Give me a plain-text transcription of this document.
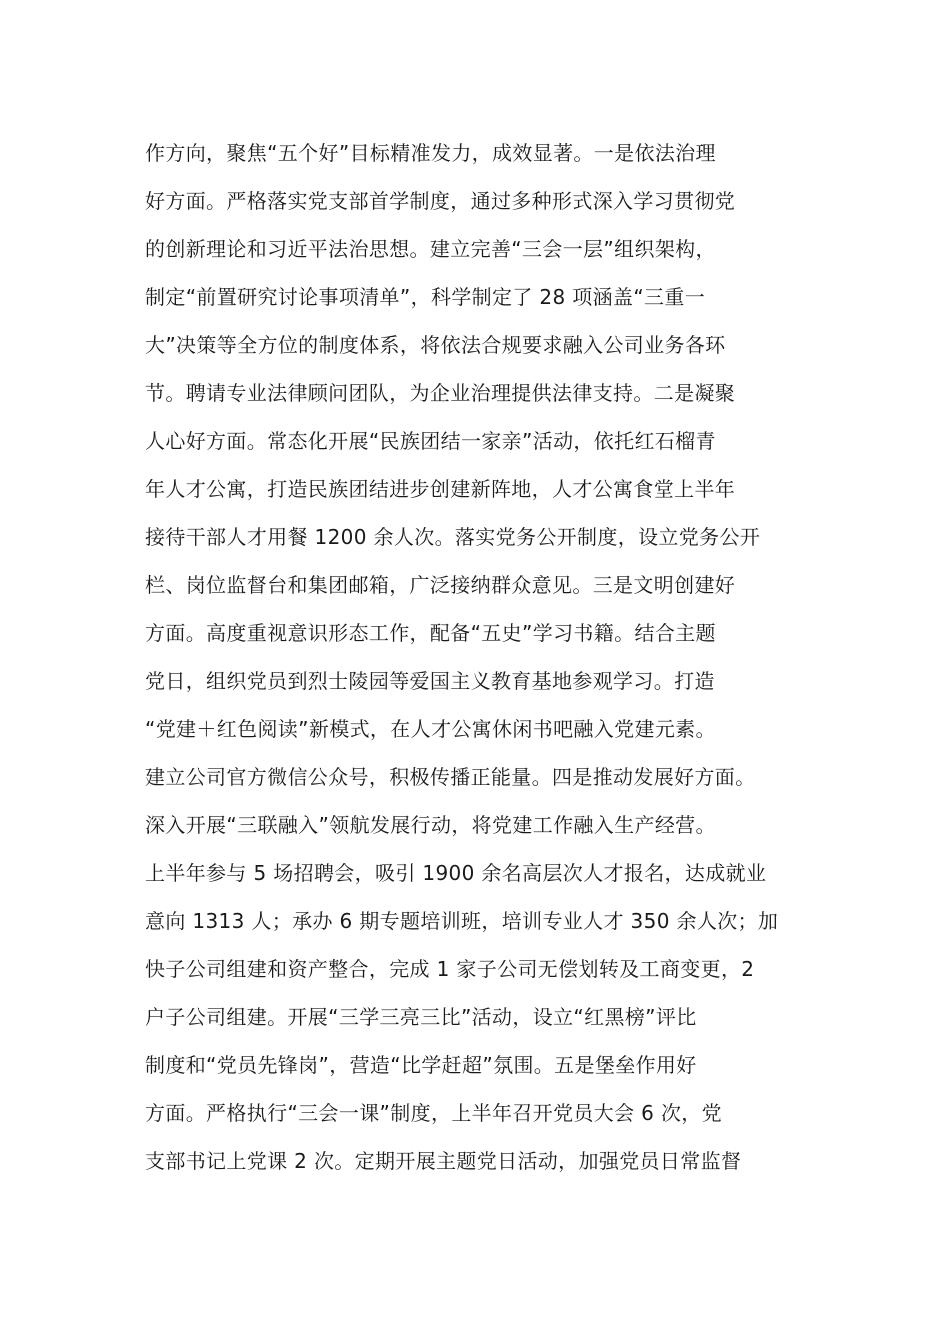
作方向，聚焦“五个好”目标精准发力，成效显著。一是依法治理
好方面。严格落实党支部首学制度，通过多种形式深入学习贯彻党
的创新理论和习近平法治思想。建立完善“三会一层”组织架构，
制定“前置研究讨论事项清单”，科学制定了 28 项涵盖“三重一
大”决策等全方位的制度体系，将依法合规要求融入公司业务各环
节。聘请专业法律顾问团队，为企业治理提供法律支持。二是凝聚
人心好方面。常态化开展“民族团结一家亲”活动，依托红石榴青
年人才公寓，打造民族团结进步创建新阵地，人才公寓食堂上半年
接待干部人才用餐 1200 余人次。落实党务公开制度，设立党务公开
栏、岗位监督台和集团邮箱，广泛接纳群众意见。三是文明创建好
方面。高度重视意识形态工作，配备“五史”学习书籍。结合主题
党日，组织党员到烈士陵园等爱国主义教育基地参观学习。打造
“党建＋红色阅读”新模式，在人才公寓休闲书吧融入党建元素。
建立公司官方微信公众号，积极传播正能量。四是推动发展好方面。
深入开展“三联融入”领航发展行动，将党建工作融入生产经营。
上半年参与 5 场招聘会，吸引 1900 余名高层次人才报名，达成就业
意向 1313 人；承办 6 期专题培训班，培训专业人才 350 余人次；加
快子公司组建和资产整合，完成 1 家子公司无偿划转及工商变更，2
户子公司组建。开展“三学三亮三比”活动，设立“红黑榜”评比
制度和“党员先锋岗”，营造“比学赶超”氛围。五是堡垒作用好
方面。严格执行“三会一课”制度，上半年召开党员大会 6 次，党
支部书记上党课 2 次。定期开展主题党日活动，加强党员日常监督
